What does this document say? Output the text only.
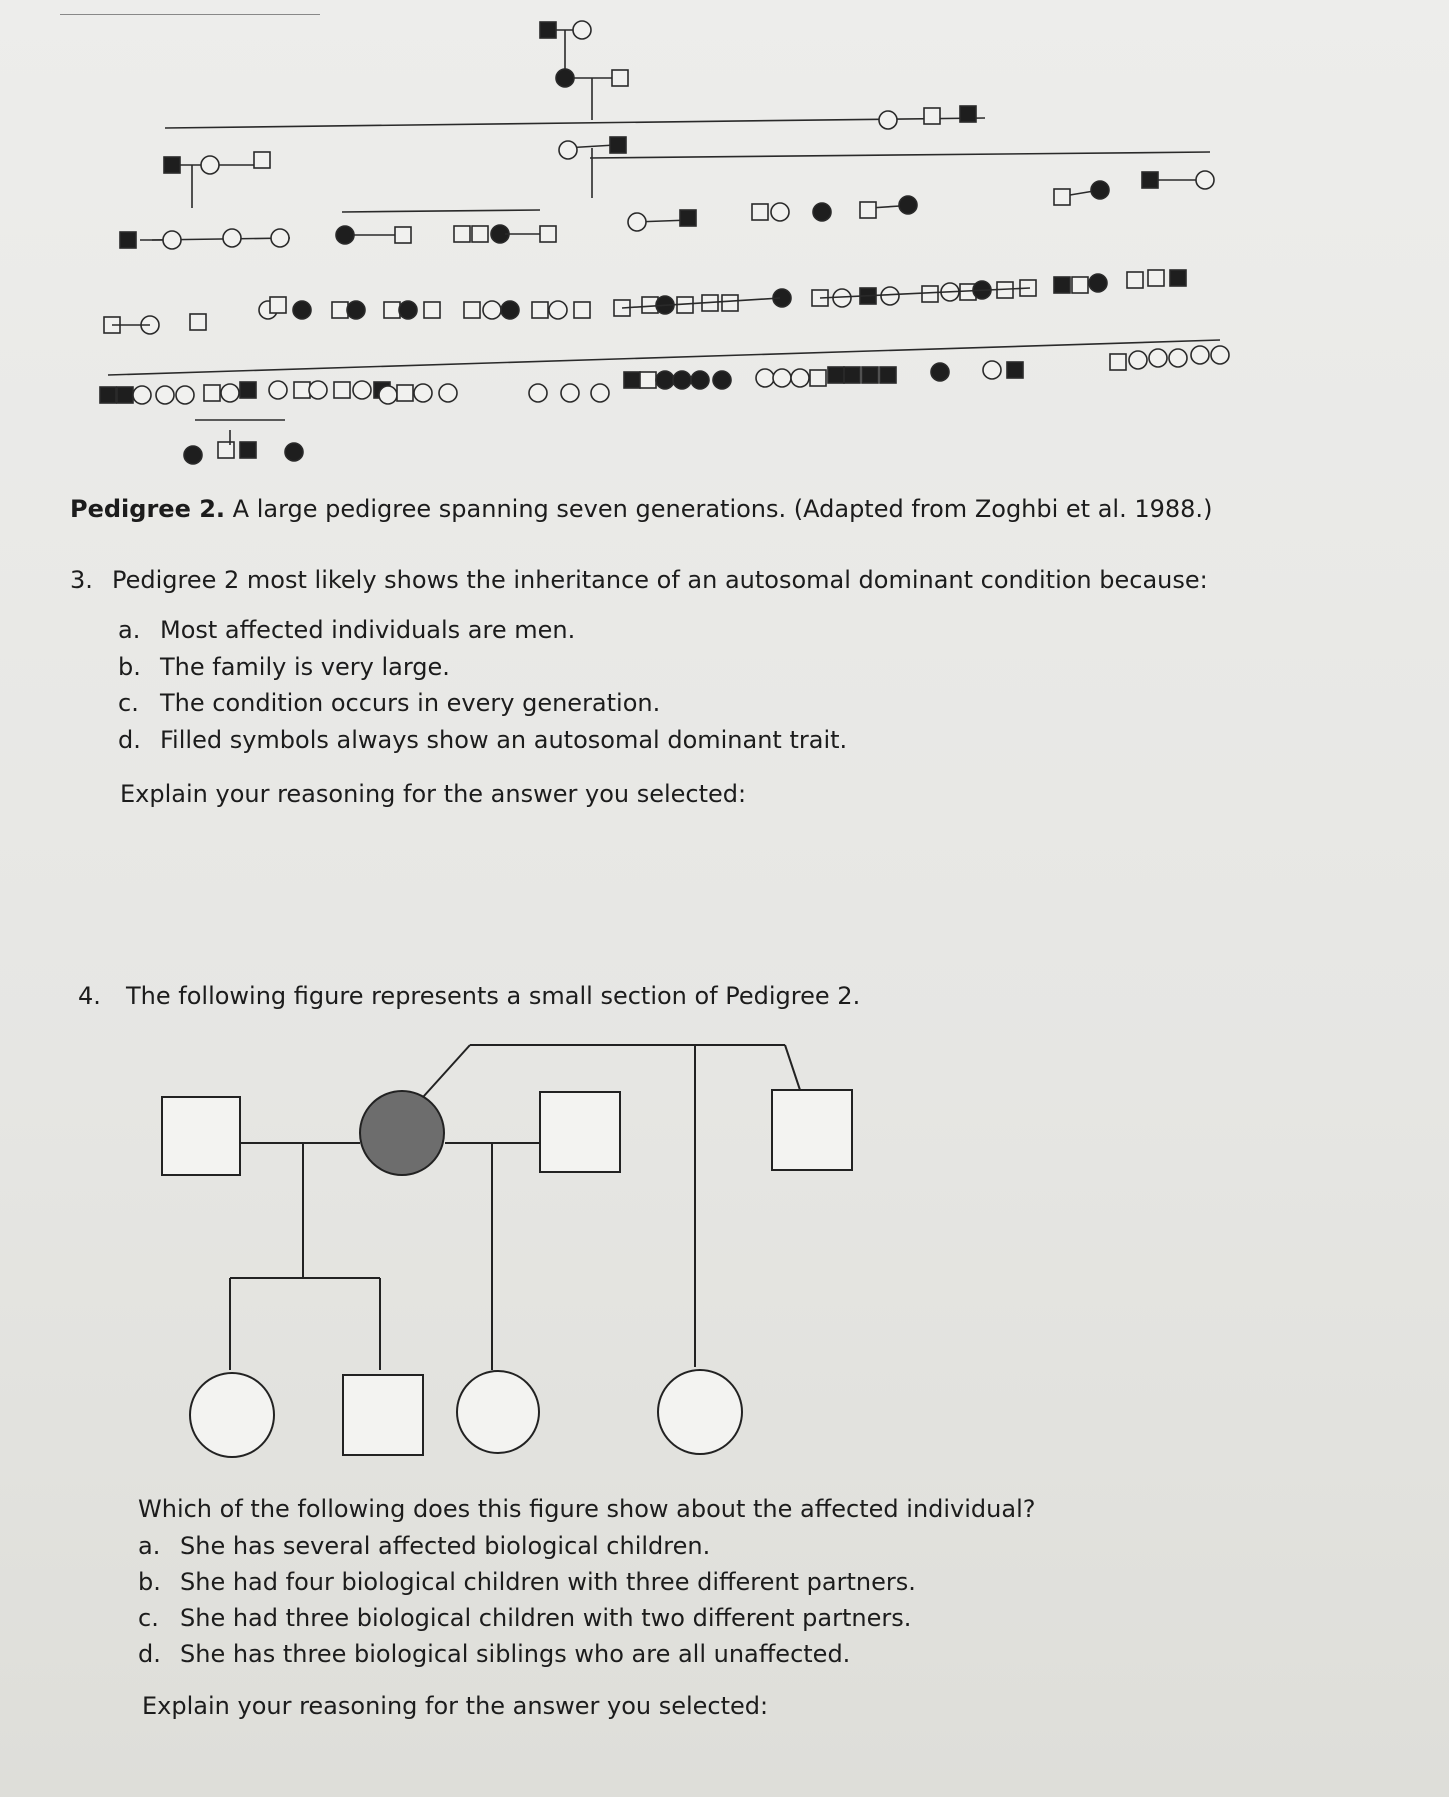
Pedigree 2. A large pedigree spanning seven generations. (Adapted from Zoghbi et al. 1988.)
3. Pedigree 2 most likely shows the inheritance of an autosomal dominant condition because:
a. Most affected individuals are men.
b. The family is very large.
c. The condition occurs in every generation.
d. Filled symbols always show an autosomal dominant trait.
Explain your reasoning for the answer you selected:
4. The following figure represents a small section of Pedigree 2.
Which of the following does this figure show about the affected individual?
a. She has several affected biological children.
b. She had four biological children with three different partners.
c. She had three biological children with two different partners.
d. She has three biological siblings who are all unaffected.
Explain your reasoning for the answer you selected:
